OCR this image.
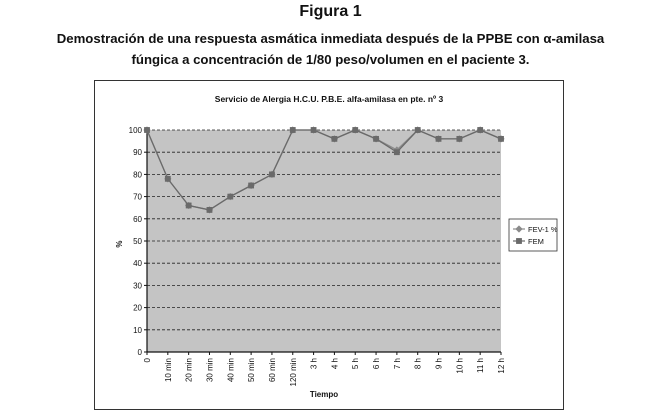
Figura 1
Demostración de una respuesta asmática inmediata después de la PPBE con α-amilasa
fúngica a concentración de 1/80 peso/volumen en el paciente 3.
Servicio de Alergia H.C.U. P.B.E. alfa-amilasa en pte. nº 3
0
10
20
30
40
50
60
70
80
90
100
0 10 min 20 min 30 min 40 min 50 min 60 min 120 min 3 h 4 h 5 h 6 h 7 h 8 h 9 h 10 h 11 h 12 h
%
Tiempo
FEV-1 %
FEM
